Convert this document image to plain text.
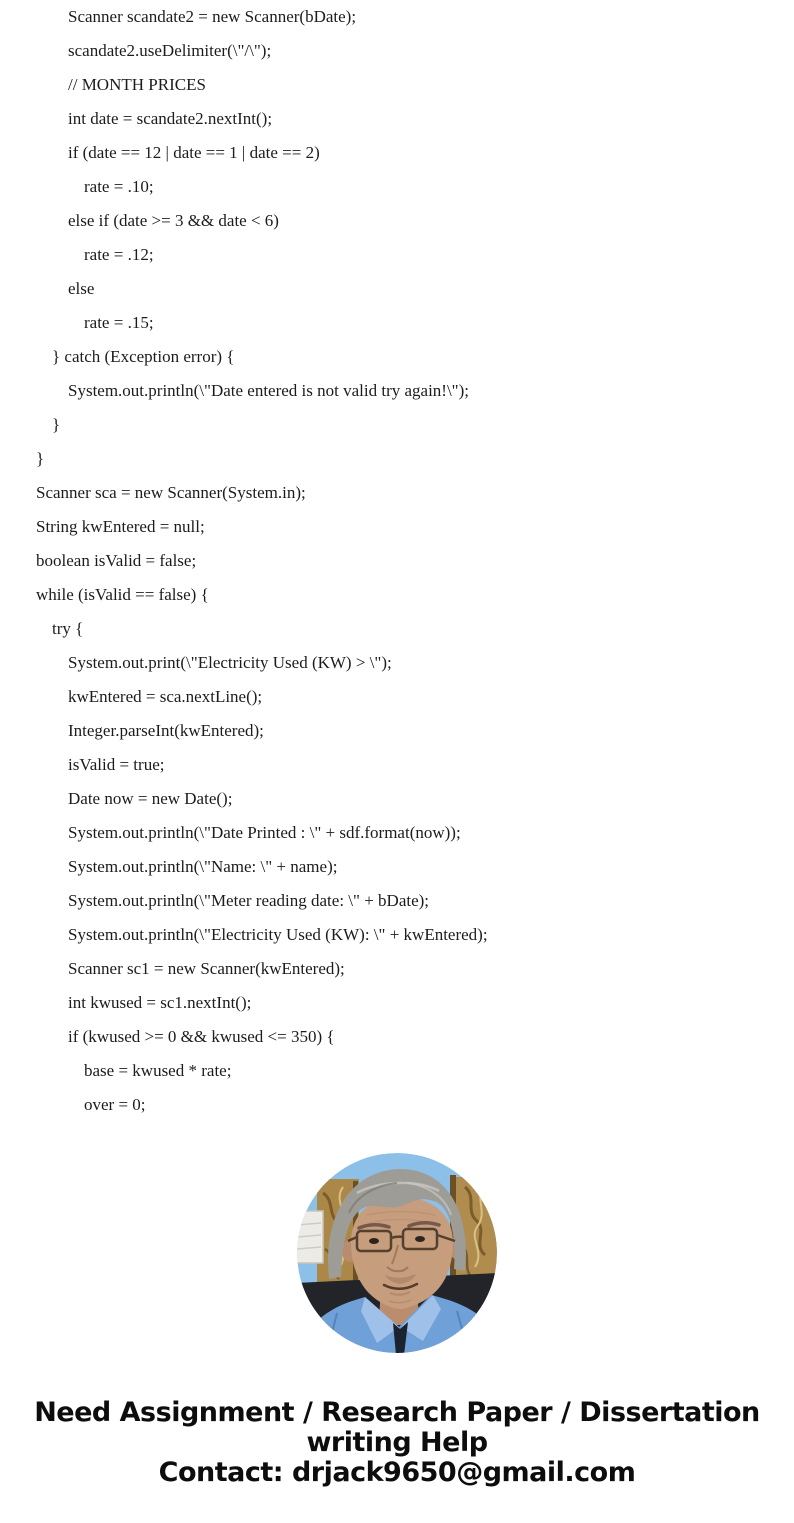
Scanner scandate2 = new Scanner(bDate);
scandate2.useDelimiter(\"/\");
// MONTH PRICES
int date = scandate2.nextInt();
if (date == 12 | date == 1 | date == 2)
rate = .10;
else if (date >= 3 && date < 6)
rate = .12;
else
rate = .15;
} catch (Exception error) {
System.out.println(\"Date entered is not valid try again!\");
}
}
Scanner sca = new Scanner(System.in);
String kwEntered = null;
boolean isValid = false;
while (isValid == false) {
try {
System.out.print(\"Electricity Used (KW) > \");
kwEntered = sca.nextLine();
Integer.parseInt(kwEntered);
isValid = true;
Date now = new Date();
System.out.println(\"Date Printed : \" + sdf.format(now));
System.out.println(\"Name: \" + name);
System.out.println(\"Meter reading date: \" + bDate);
System.out.println(\"Electricity Used (KW): \" + kwEntered);
Scanner sc1 = new Scanner(kwEntered);
int kwused = sc1.nextInt();
if (kwused >= 0 && kwused <= 350) {
base = kwused * rate;
over = 0;
Need Assignment / Research Paper / Dissertation
writing Help
Contact: drjack9650@gmail.com
